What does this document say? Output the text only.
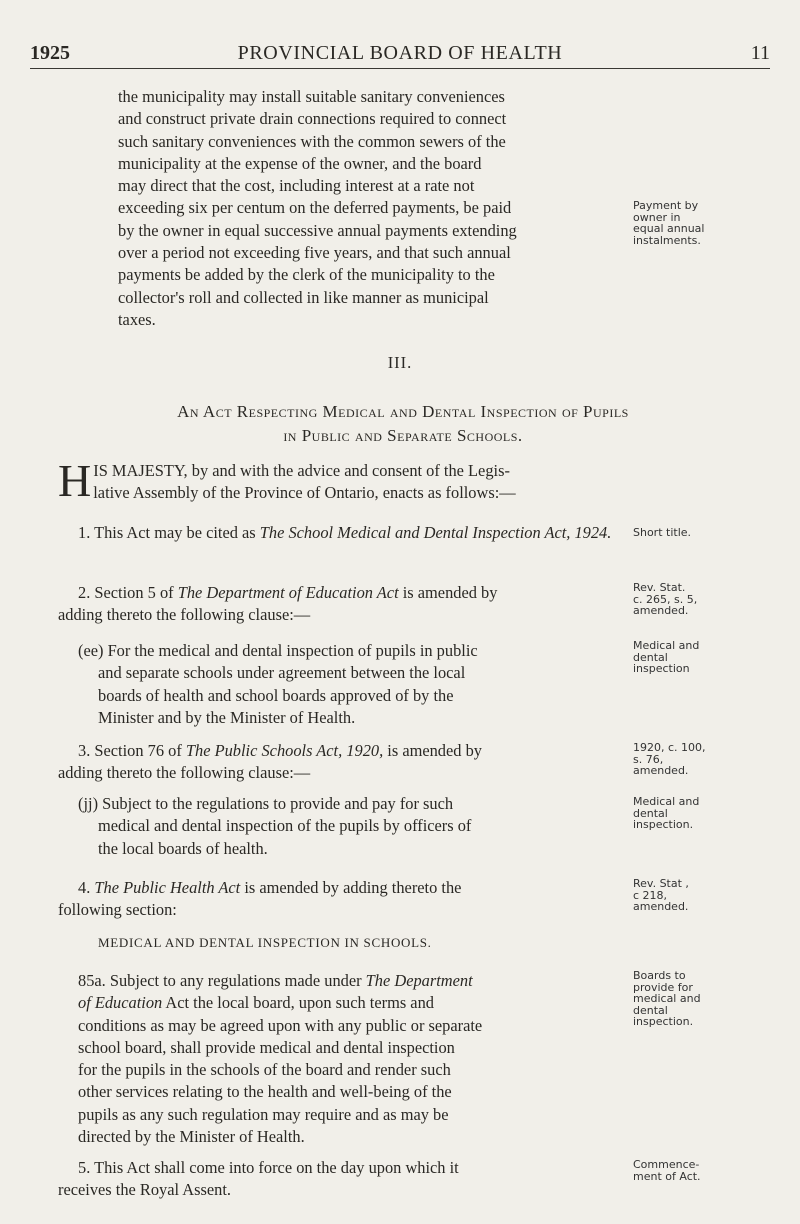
1925	PROVINCIAL BOARD OF HEALTH	11

the municipality may install suitable sanitary conveniences

and construct private drain connections required to connect

such sanitary conveniences with the common sewers of the

municipality at the expense of the owner, and the board

may direct that the cost, including interest at a rate not

exceeding six per centum on the deferred payments, be paid

by the owner in equal successive annual payments extending

over a period not exceeding five years, and that such annual

payments be added by the clerk of the municipality to the

collector's roll and collected in like manner as municipal

taxes.

Payment by
owner in
equal annual
instalments.
III.
An Act Respecting Medical and Dental Inspection of Pupils
in Public and Separate Schools.
H IS MAJESTY, by and with the advice and consent of the Legis-

lative Assembly of the Province of Ontario, enacts as follows:—

1. This Act may be cited as The School Medical and Dental Inspection Act, 1924.	Short title.

2. Section 5 of The Department of Education Act is amended by

adding thereto the following clause:—

Rev. Stat.
c. 265, s. 5,
amended.

(ee) For the medical and dental inspection of pupils in public

and separate schools under agreement between the local

boards of health and school boards approved of by the

Minister and by the Minister of Health.

Medical and
dental
inspection

3. Section 76 of The Public Schools Act, 1920, is amended by

adding thereto the following clause:—

1920, c. 100,
s. 76,
amended.

(jj) Subject to the regulations to provide and pay for such

medical and dental inspection of the pupils by officers of

the local boards of health.

Medical and
dental
inspection.

4. The Public Health Act is amended by adding thereto the

following section:

Rev. Stat ,
c 218,
amended.
MEDICAL AND DENTAL INSPECTION IN SCHOOLS.

85a. Subject to any regulations made under The Department

of Education Act the local board, upon such terms and

conditions as may be agreed upon with any public or separate

school board, shall provide medical and dental inspection

for the pupils in the schools of the board and render such

other services relating to the health and well-being of the

pupils as any such regulation may require and as may be

directed by the Minister of Health.

Boards to
provide for
medical and
dental
inspection.

5. This Act shall come into force on the day upon which it

receives the Royal Assent.

Commence-
ment of Act.
